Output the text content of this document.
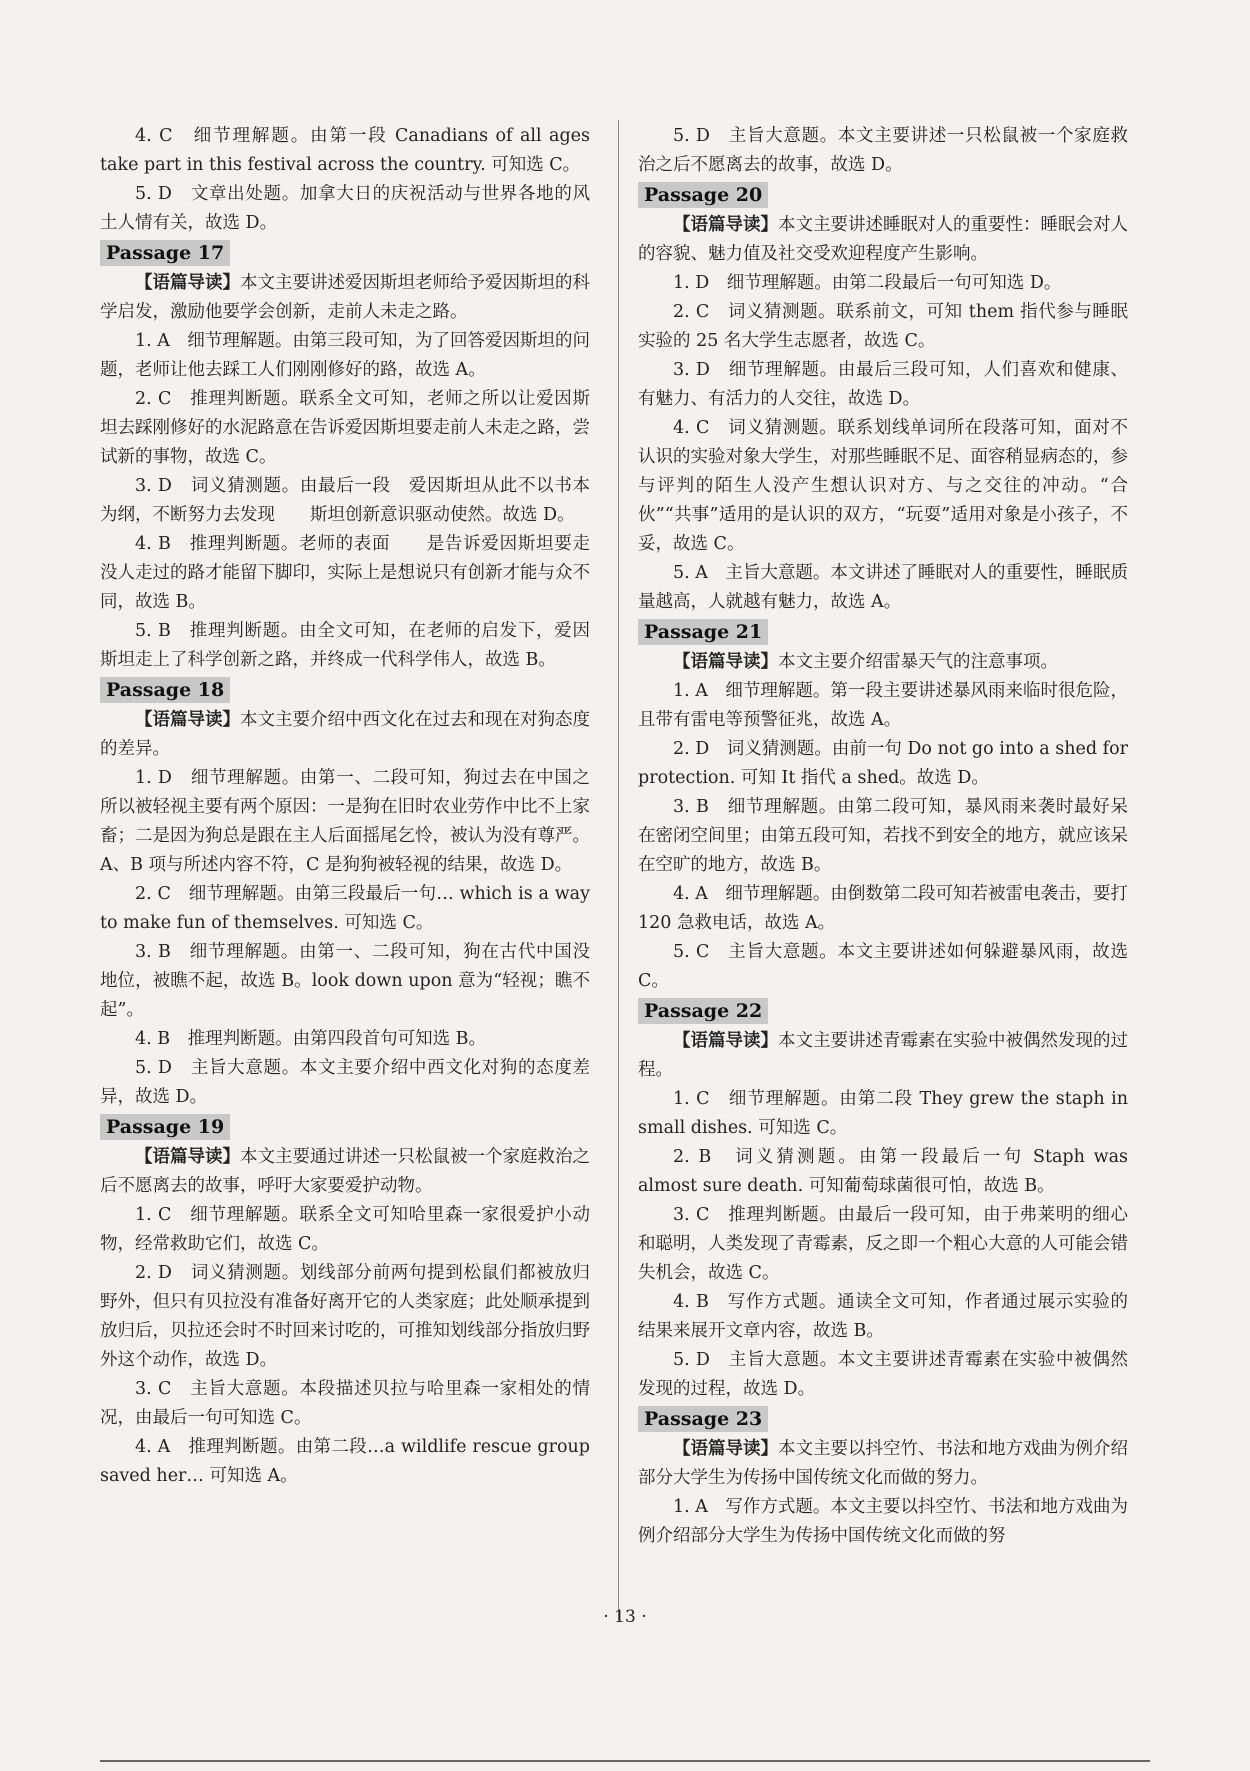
4. C　细节理解题。由第一段 Canadians of all ages take part in this festival across the country. 可知选 C。

5. D　文章出处题。加拿大日的庆祝活动与世界各地的风土人情有关，故选 D。

Passage 17

【语篇导读】本文主要讲述爱因斯坦老师给予爱因斯坦的科学启发，激励他要学会创新，走前人未走之路。

1. A　细节理解题。由第三段可知，为了回答爱因斯坦的问题，老师让他去踩工人们刚刚修好的路，故选 A。

2. C　推理判断题。联系全文可知，老师之所以让爱因斯坦去踩刚修好的水泥路意在告诉爱因斯坦要走前人未走之路，尝试新的事物，故选 C。

3. D　词义猜测题。由最后一段　爱因斯坦从此不以书本为纲，不断努力去发现　　斯坦创新意识驱动使然。故选 D。

4. B　推理判断题。老师的表面　　是告诉爱因斯坦要走没人走过的路才能留下脚印，实际上是想说只有创新才能与众不同，故选 B。

5. B　推理判断题。由全文可知，在老师的启发下，爱因斯坦走上了科学创新之路，并终成一代科学伟人，故选 B。

Passage 18

【语篇导读】本文主要介绍中西文化在过去和现在对狗态度的差异。

1. D　细节理解题。由第一、二段可知，狗过去在中国之所以被轻视主要有两个原因：一是狗在旧时农业劳作中比不上家畜；二是因为狗总是跟在主人后面摇尾乞怜，被认为没有尊严。A、B 项与所述内容不符，C 是狗狗被轻视的结果，故选 D。

2. C　细节理解题。由第三段最后一句… which is a way to make fun of themselves. 可知选 C。

3. B　细节理解题。由第一、二段可知，狗在古代中国没地位，被瞧不起，故选 B。look down upon 意为“轻视；瞧不起”。

4. B　推理判断题。由第四段首句可知选 B。

5. D　主旨大意题。本文主要介绍中西文化对狗的态度差异，故选 D。

Passage 19

【语篇导读】本文主要通过讲述一只松鼠被一个家庭救治之后不愿离去的故事，呼吁大家要爱护动物。

1. C　细节理解题。联系全文可知哈里森一家很爱护小动物，经常救助它们，故选 C。

2. D　词义猜测题。划线部分前两句提到松鼠们都被放归野外，但只有贝拉没有准备好离开它的人类家庭；此处顺承提到放归后，贝拉还会时不时回来讨吃的，可推知划线部分指放归野外这个动作，故选 D。

3. C　主旨大意题。本段描述贝拉与哈里森一家相处的情况，由最后一句可知选 C。

4. A　推理判断题。由第二段…a wildlife rescue group saved her… 可知选 A。

5. D　主旨大意题。本文主要讲述一只松鼠被一个家庭救治之后不愿离去的故事，故选 D。

Passage 20

【语篇导读】本文主要讲述睡眠对人的重要性：睡眠会对人的容貌、魅力值及社交受欢迎程度产生影响。

1. D　细节理解题。由第二段最后一句可知选 D。

2. C　词义猜测题。联系前文，可知 them 指代参与睡眠实验的 25 名大学生志愿者，故选 C。

3. D　细节理解题。由最后三段可知，人们喜欢和健康、有魅力、有活力的人交往，故选 D。

4. C　词义猜测题。联系划线单词所在段落可知，面对不认识的实验对象大学生，对那些睡眠不足、面容稍显病态的，参与评判的陌生人没产生想认识对方、与之交往的冲动。“合伙”“共事”适用的是认识的双方，“玩耍”适用对象是小孩子，不妥，故选 C。

5. A　主旨大意题。本文讲述了睡眠对人的重要性，睡眠质量越高，人就越有魅力，故选 A。

Passage 21

【语篇导读】本文主要介绍雷暴天气的注意事项。

1. A　细节理解题。第一段主要讲述暴风雨来临时很危险，且带有雷电等预警征兆，故选 A。

2. D　词义猜测题。由前一句 Do not go into a shed for protection. 可知 It 指代 a shed。故选 D。

3. B　细节理解题。由第二段可知，暴风雨来袭时最好呆在密闭空间里；由第五段可知，若找不到安全的地方，就应该呆在空旷的地方，故选 B。

4. A　细节理解题。由倒数第二段可知若被雷电袭击，要打 120 急救电话，故选 A。

5. C　主旨大意题。本文主要讲述如何躲避暴风雨，故选 C。

Passage 22

【语篇导读】本文主要讲述青霉素在实验中被偶然发现的过程。

1. C　细节理解题。由第二段 They grew the staph in small dishes. 可知选 C。

2. B　词义猜测题。由第一段最后一句 Staph was almost sure death. 可知葡萄球菌很可怕，故选 B。

3. C　推理判断题。由最后一段可知，由于弗莱明的细心和聪明，人类发现了青霉素，反之即一个粗心大意的人可能会错失机会，故选 C。

4. B　写作方式题。通读全文可知，作者通过展示实验的结果来展开文章内容，故选 B。

5. D　主旨大意题。本文主要讲述青霉素在实验中被偶然发现的过程，故选 D。

Passage 23

【语篇导读】本文主要以抖空竹、书法和地方戏曲为例介绍部分大学生为传扬中国传统文化而做的努力。

1. A　写作方式题。本文主要以抖空竹、书法和地方戏曲为例介绍部分大学生为传扬中国传统文化而做的努

· 13 ·
